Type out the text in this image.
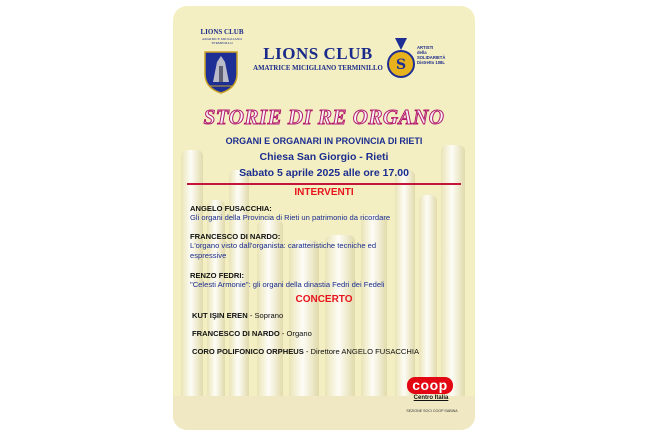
LIONS CLUB
AMATRICE MICIGLIANO TERMINILLO
LIONS CLUB
AMATRICE MICIGLIANO TERMINILLO S
ARTISTI
della
SOLIDARIETÀ
Distretto 108L
STORIE DI RE ORGANO
ORGANI E ORGANARI IN PROVINCIA DI RIETI
Chiesa San Giorgio - Rieti
Sabato 5 aprile 2025 alle ore 17.00
INTERVENTI
ANGELO FUSACCHIA:
Gli organi della Provincia di Rieti un patrimonio da ricordare
FRANCESCO DI NARDO:
L'organo visto dall'organista: caratteristiche tecniche ed espressive
RENZO FEDRI:
"Celesti Armonie": gli organi della dinastia Fedri dei Fedeli
CONCERTO
KUT IŞIN EREN - Soprano
FRANCESCO DI NARDO - Organo
CORO POLIFONICO ORPHEUS - Direttore ANGELO FUSACCHIA
coop
Centro Italia
SEZIONE SOCI COOP SABINA
